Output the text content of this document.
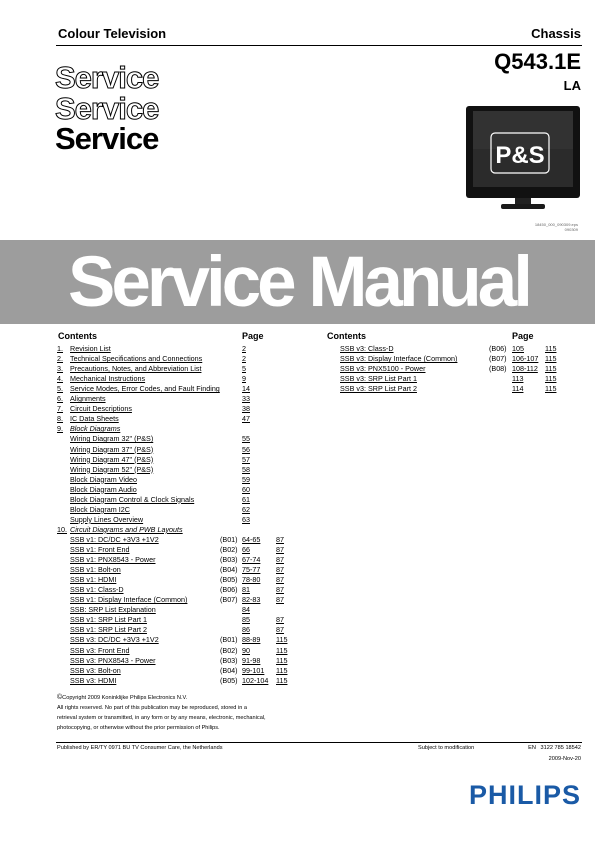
Colour Television	Chassis
Q543.1E
LA
Service
Service
Service	P&S
18450_000_090309.eps
090309
Service Manual
Contents	Page	Contents	Page
1. Revision List	2
2. Technical Specifications and Connections	2
3. Precautions, Notes, and Abbreviation List	5
4. Mechanical Instructions	9
5. Service Modes, Error Codes, and Fault Finding	14
6. Alignments	33
7. Circuit Descriptions	38
8. IC Data Sheets	47
9. Block Diagrams
Wiring Diagram 32" (P&S)	55
Wiring Diagram 37" (P&S)	56
Wiring Diagram 47" (P&S)	57
Wiring Diagram 52" (P&S)	58
Block Diagram Video	59
Block Diagram Audio	60
Block Diagram Control & Clock Signals	61
Block Diagram I2C	62
Supply Lines Overview	63
10. Circuit Diagrams and PWB Layouts
SSB v1: DC/DC +3V3 +1V2	(B01) 64-65 87
SSB v1: Front End	(B02) 66	87
SSB v1: PNX8543 - Power	(B03) 67-74 87
SSB v1: Bolt-on	(B04) 75-77 87
SSB v1: HDMI	(B05) 78-80 87
SSB v1: Class-D	(B06) 81	87
SSB v1: Display Interface (Common)	(B07) 82-83 87
SSB: SRP List Explanation	84
SSB v1: SRP List Part 1	85	87
SSB v1: SRP List Part 2	86	87
SSB v3: DC/DC +3V3 +1V2	(B01) 88-89 115
SSB v3: Front End	(B02) 90	115
SSB v3: PNX8543 - Power	(B03) 91-98 115
SSB v3: Bolt-on	(B04) 99-101 115
SSB v3: HDMI	(B05) 102-104 115
SSB v3: Class-D	(B06) 105	115
SSB v3: Display Interface (Common)	(B07) 106-107 115
SSB v3: PNX5100 - Power	(B08) 108-112 115
SSB v3: SRP List Part 1	113	115
SSB v3: SRP List Part 2	114	115
©Copyright 2009 Koninklijke Philips Electronics N.V.
All rights reserved. No part of this publication may be reproduced, stored in a
retrieval system or transmitted, in any form or by any means, electronic, mechanical,
photocopying, or otherwise without the prior permission of Philips.
Published by ER/TY 0971 BU TV Consumer Care, the Netherlands	Subject to modification	EN   3122 785 18542
2009-Nov-20
PHILIPS
